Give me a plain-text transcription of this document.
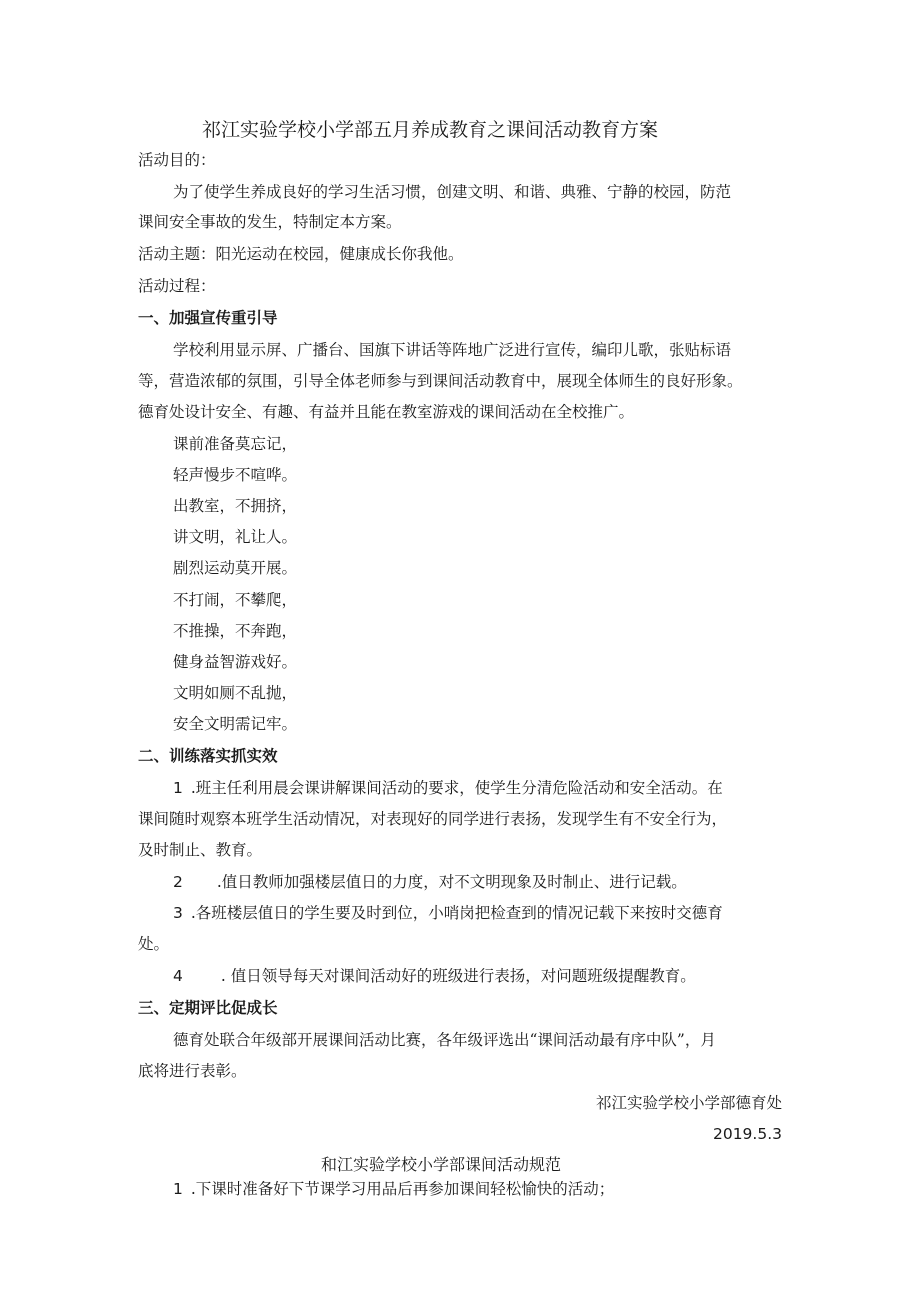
祁江实验学校小学部五月养成教育之课间活动教育方案
活动目的：
为了使学生养成良好的学习生活习惯，创建文明、和谐、典雅、宁静的校园，防范
课间安全事故的发生，特制定本方案。
活动主题：阳光运动在校园，健康成长你我他。
活动过程：
一、加强宣传重引导
学校利用显示屏、广播台、国旗下讲话等阵地广泛进行宣传，编印儿歌，张贴标语
等，营造浓郁的氛围，引导全体老师参与到课间活动教育中，展现全体师生的良好形象。
德育处设计安全、有趣、有益并且能在教室游戏的课间活动在全校推广。
课前准备莫忘记，
轻声慢步不喧哗。
出教室，不拥挤，
讲文明，礼让人。
剧烈运动莫开展。
不打闹，不攀爬，
不推操，不奔跑，
健身益智游戏好。
文明如厕不乱抛，
安全文明需记牢。
二、训练落实抓实效
1 .班主任利用晨会课讲解课间活动的要求，使学生分清危险活动和安全活动。在
课间随时观察本班学生活动情况，对表现好的同学进行表扬，发现学生有不安全行为，
及时制止、教育。
2 .值日教师加强楼层值日的力度，对不文明现象及时制止、进行记载。
3 .各班楼层值日的学生要及时到位，小哨岗把检查到的情况记载下来按时交德育
处。
4 . 值日领导每天对课间活动好的班级进行表扬，对问题班级提醒教育。
三、定期评比促成长
德育处联合年级部开展课间活动比赛，各年级评选出“课间活动最有序中队”，月
底将进行表彰。
祁江实验学校小学部德育处
2019.5.3
和江实验学校小学部课间活动规范
1 .下课时准备好下节课学习用品后再参加课间轻松愉快的活动；
